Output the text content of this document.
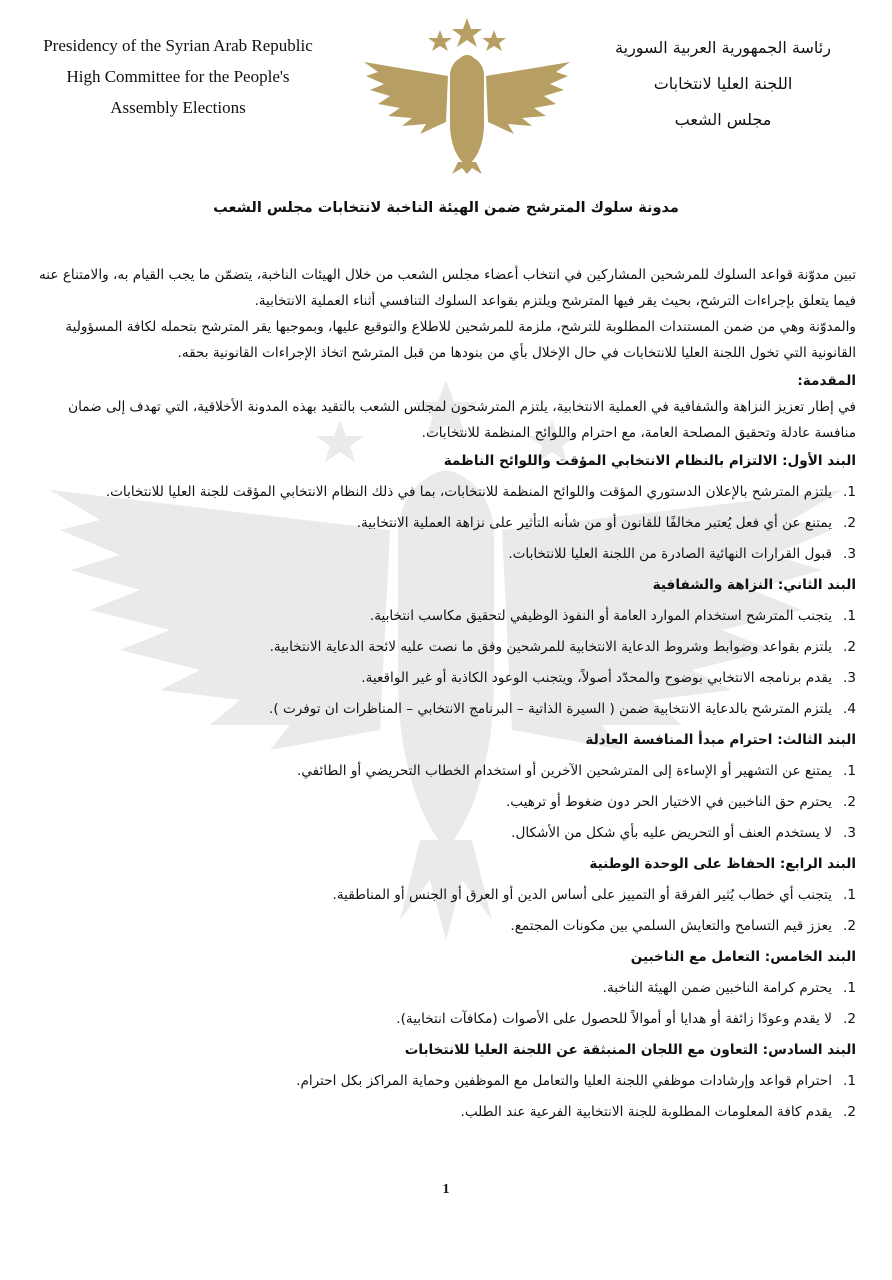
Presidency of the Syrian Arab Republic
High Committee for the People's
Assembly Elections
رئاسة الجمهورية العربية السورية
اللجنة العليا لانتخابات
مجلس الشعب
مدونة سلوك المترشح ضمن الهيئة الناخبة لانتخابات مجلس الشعب

تبين مدوّنة قواعد السلوك للمرشحين المشاركين في انتخاب أعضاء مجلس الشعب من خلال الهيئات الناخبة، يتضمّن ما يجب القيام به، والامتناع عنه فيما يتعلق بإجراءات الترشح، بحيث يقر فيها المترشح ويلتزم بقواعد السلوك التنافسي أثناء العملية الانتخابية.

والمدوّنة وهي من ضمن المستندات المطلوبة للترشح، ملزمة للمرشحين للاطلاع والتوقيع عليها، وبموجبها يقر المترشح بتحمله لكافة المسؤولية القانونية التي تخول اللجنة العليا للانتخابات في حال الإخلال بأي من بنودها من قبل المترشح اتخاذ الإجراءات القانونية بحقه.

المقدمة:

في إطار تعزيز النزاهة والشفافية في العملية الانتخابية، يلتزم المترشحون لمجلس الشعب بالتقيد بهذه المدونة الأخلاقية، التي تهدف إلى ضمان منافسة عادلة وتحقيق المصلحة العامة، مع احترام واللوائح المنظمة للانتخابات.

البند الأول: الالتزام بالنظام الانتخابي المؤقت واللوائح الناظمة

1.
يلتزم المترشح بالإعلان الدستوري المؤقت واللوائح المنظمة للانتخابات، بما في ذلك النظام الانتخابي المؤقت للجنة العليا للانتخابات.

2.
يمتنع عن أي فعل يُعتبر مخالفًا للقانون أو من شأنه التأثير على نزاهة العملية الانتخابية.

3.
قبول القرارات النهائية الصادرة من اللجنة العليا للانتخابات.

البند الثاني: النزاهة والشفافية

1.
يتجنب المترشح استخدام الموارد العامة أو النفوذ الوظيفي لتحقيق مكاسب انتخابية.

2.
يلتزم بقواعد وضوابط وشروط الدعاية الانتخابية للمرشحين وفق ما نصت عليه لائحة الدعاية الانتخابية.

3.
يقدم برنامجه الانتخابي بوضوح والمحدّد أصولاً، ويتجنب الوعود الكاذبة أو غير الواقعية.

4.
يلتزم المترشح بالدعاية الانتخابية ضمن ( السيرة الذاتية – البرنامج الانتخابي – المناظرات ان توفرت ).

البند الثالث: احترام مبدأ المنافسة العادلة

1.
يمتنع عن التشهير أو الإساءة إلى المترشحين الآخرين أو استخدام الخطاب التحريضي أو الطائفي.

2.
يحترم حق الناخبين في الاختيار الحر دون ضغوط أو ترهيب.

3.
لا يستخدم العنف أو التحريض عليه بأي شكل من الأشكال.

البند الرابع: الحفاظ على الوحدة الوطنية

1.
يتجنب أي خطاب يُثير الفرقة أو التمييز على أساس الدين أو العرق أو الجنس أو المناطقية.

2.
يعزز قيم التسامح والتعايش السلمي بين مكونات المجتمع.

البند الخامس: التعامل مع الناخبين

1.
يحترم كرامة الناخبين ضمن الهيئة الناخبة.

2.
لا يقدم وعودًا زائفة أو هدايا أو أموالاً للحصول على الأصوات (مكافآت انتخابية).

البند السادس: التعاون مع اللجان المنبثقة عن اللجنة العليا للانتخابات

1.
احترام قواعد وإرشادات موظفي اللجنة العليا والتعامل مع الموظفين وحماية المراكز بكل احترام.

2.
يقدم كافة المعلومات المطلوبة للجنة الانتخابية الفرعية عند الطلب.

1
